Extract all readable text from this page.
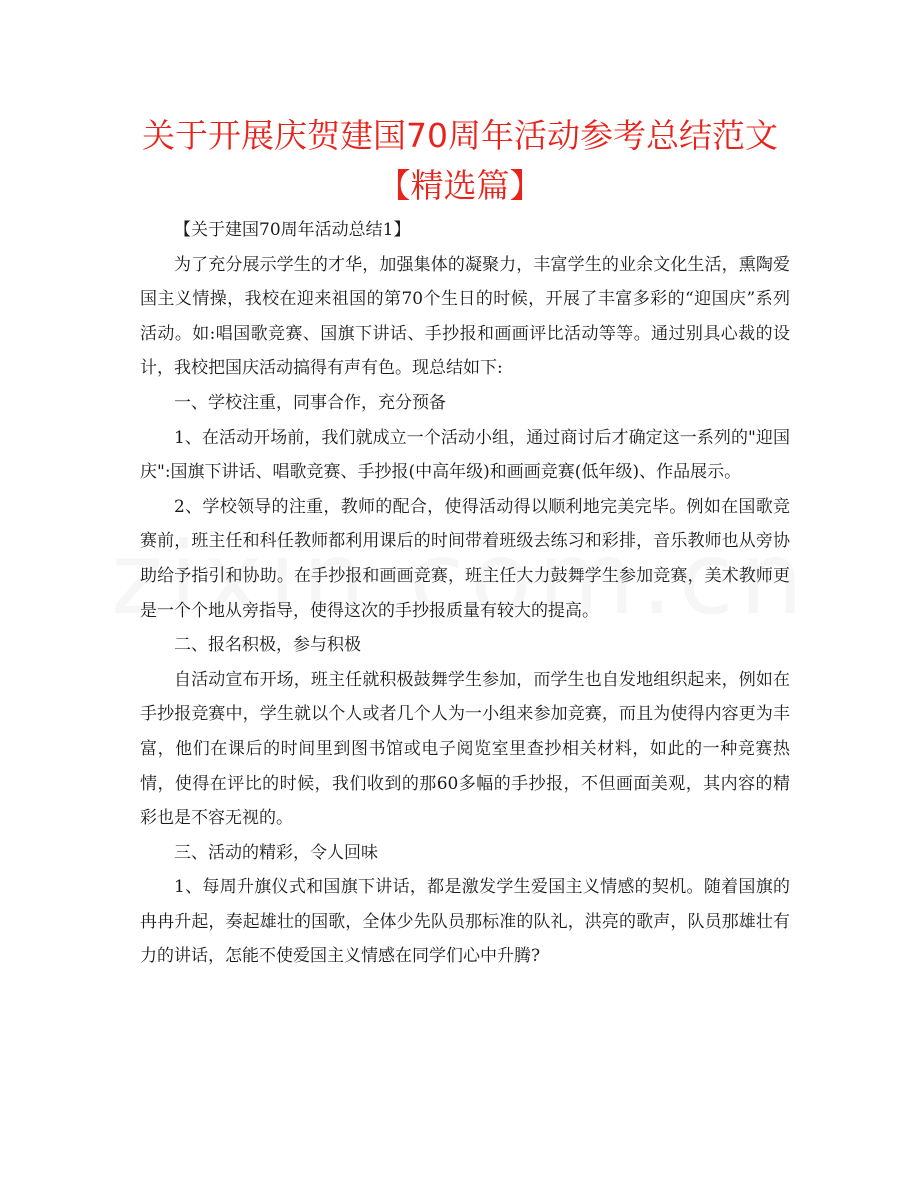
关于开展庆贺建国70周年活动参考总结范文
【精选篇】

【关于建国70周年活动总结1】

为了充分展示学生的才华，加强集体的凝聚力，丰富学生的业余文化生活，熏陶爱国主义情操，我校在迎来祖国的第70个生日的时候，开展了丰富多彩的“迎国庆”系列活动。如:唱国歌竞赛、国旗下讲话、手抄报和画画评比活动等等。通过别具心裁的设计，我校把国庆活动搞得有声有色。现总结如下:

一、学校注重，同事合作，充分预备

1、在活动开场前，我们就成立一个活动小组，通过商讨后才确定这一系列的"迎国庆":国旗下讲话、唱歌竞赛、手抄报(中高年级)和画画竞赛(低年级)、作品展示。

2、学校领导的注重，教师的配合，使得活动得以顺利地完美完毕。例如在国歌竞赛前，班主任和科任教师都利用课后的时间带着班级去练习和彩排，音乐教师也从旁协助给予指引和协助。在手抄报和画画竞赛，班主任大力鼓舞学生参加竞赛，美术教师更是一个个地从旁指导，使得这次的手抄报质量有较大的提高。

二、报名积极，参与积极

自活动宣布开场，班主任就积极鼓舞学生参加，而学生也自发地组织起来，例如在手抄报竞赛中，学生就以个人或者几个人为一小组来参加竞赛，而且为使得内容更为丰富，他们在课后的时间里到图书馆或电子阅览室里查抄相关材料，如此的一种竞赛热情，使得在评比的时候，我们收到的那60多幅的手抄报，不但画面美观，其内容的精彩也是不容无视的。

三、活动的精彩，令人回味

1、每周升旗仪式和国旗下讲话，都是激发学生爱国主义情感的契机。随着国旗的冉冉升起，奏起雄壮的国歌，全体少先队员那标准的队礼，洪亮的歌声，队员那雄壮有力的讲话，怎能不使爱国主义情感在同学们心中升腾?
